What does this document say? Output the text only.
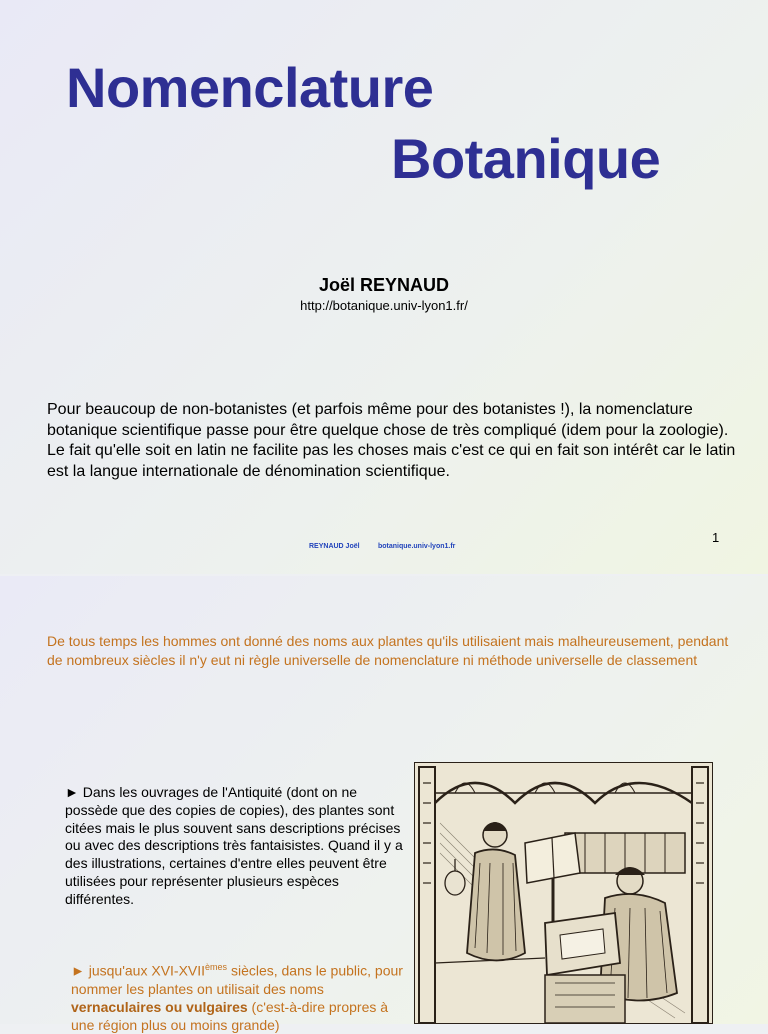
Nomenclature
Botanique
Joël REYNAUD
http://botanique.univ-lyon1.fr/

Pour beaucoup de non-botanistes (et parfois même pour des botanistes !), la nomenclature botanique scientifique passe pour être quelque chose de très compliqué (idem pour la zoologie).

Le fait qu'elle soit en latin ne facilite pas les choses mais c'est ce qui en fait son intérêt car le latin est la langue internationale de dénomination scientifique.

REYNAUD Joël	botanique.univ-lyon1.fr
1

De tous temps les hommes ont donné des noms aux plantes qu'ils utilisaient mais malheureusement, pendant de nombreux siècles il n'y eut ni règle universelle de nomenclature ni méthode universelle de classement

► Dans les ouvrages de l'Antiquité (dont on ne possède que des copies de copies), des plantes sont citées mais le plus souvent sans descriptions précises ou avec des descriptions très fantaisistes. Quand il y a des illustrations, certaines d'entre elles peuvent être utilisées pour représenter plusieurs espèces différentes.

► jusqu'aux XVI-XVIIèmes siècles, dans le public, pour nommer les plantes on utilisait des noms vernaculaires ou vulgaires (c'est-à-dire propres à une région plus ou moins grande)
